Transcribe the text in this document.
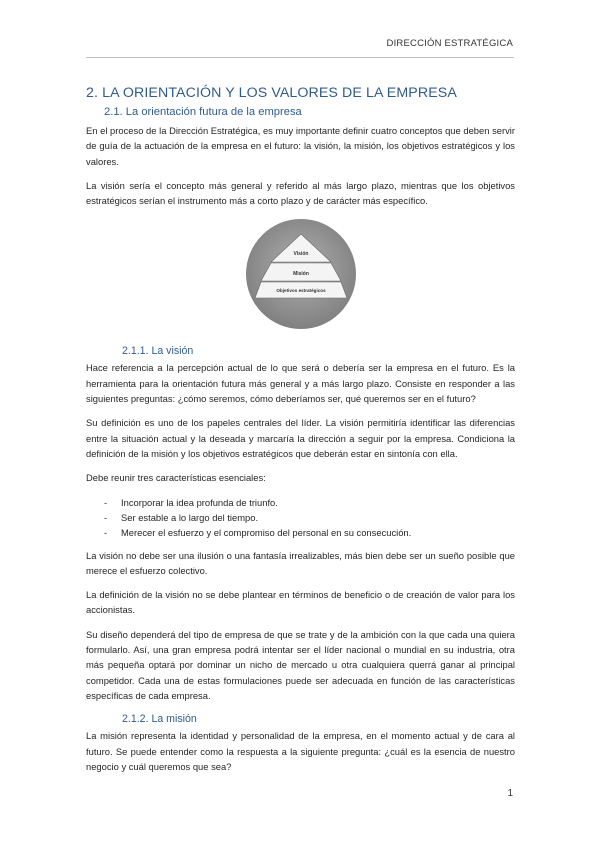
DIRECCIÓN ESTRATÉGICA
2. LA ORIENTACIÓN Y LOS VALORES DE LA EMPRESA
2.1. La orientación futura de la empresa

En el proceso de la Dirección Estratégica, es muy importante definir cuatro conceptos que deben servir de guía de la actuación de la empresa en el futuro: la visión, la misión, los objetivos estratégicos y los valores.

La visión sería el concepto más general y referido al más largo plazo, mientras que los objetivos estratégicos serían el instrumento más a corto plazo y de carácter más específico.

Visión
Misión
Objetivos estratégicos
2.1.1. La visión

Hace referencia a la percepción actual de lo que será o debería ser la empresa en el futuro. Es la herramienta para la orientación futura más general y a más largo plazo. Consiste en responder a las siguientes preguntas: ¿cómo seremos, cómo deberíamos ser, qué queremos ser en el futuro?

Su definición es uno de los papeles centrales del líder. La visión permitiría identificar las diferencias entre la situación actual y la deseada y marcaría la dirección a seguir por la empresa. Condiciona la definición de la misión y los objetivos estratégicos que deberán estar en sintonía con ella.

Debe reunir tres características esenciales:

- Incorporar la idea profunda de triunfo.
- Ser estable a lo largo del tiempo.
- Merecer el esfuerzo y el compromiso del personal en su consecución.

La visión no debe ser una ilusión o una fantasía irrealizables, más bien debe ser un sueño posible que merece el esfuerzo colectivo.

La definición de la visión no se debe plantear en términos de beneficio o de creación de valor para los accionistas.

Su diseño dependerá del tipo de empresa de que se trate y de la ambición con la que cada una quiera formularlo. Así, una gran empresa podrá intentar ser el líder nacional o mundial en su industria, otra más pequeña optará por dominar un nicho de mercado u otra cualquiera querrá ganar al principal competidor. Cada una de estas formulaciones puede ser adecuada en función de las características específicas de cada empresa.

2.1.2. La misión

La misión representa la identidad y personalidad de la empresa, en el momento actual y de cara al futuro. Se puede entender como la respuesta a la siguiente pregunta: ¿cuál es la esencia de nuestro negocio y cuál queremos que sea?

1
